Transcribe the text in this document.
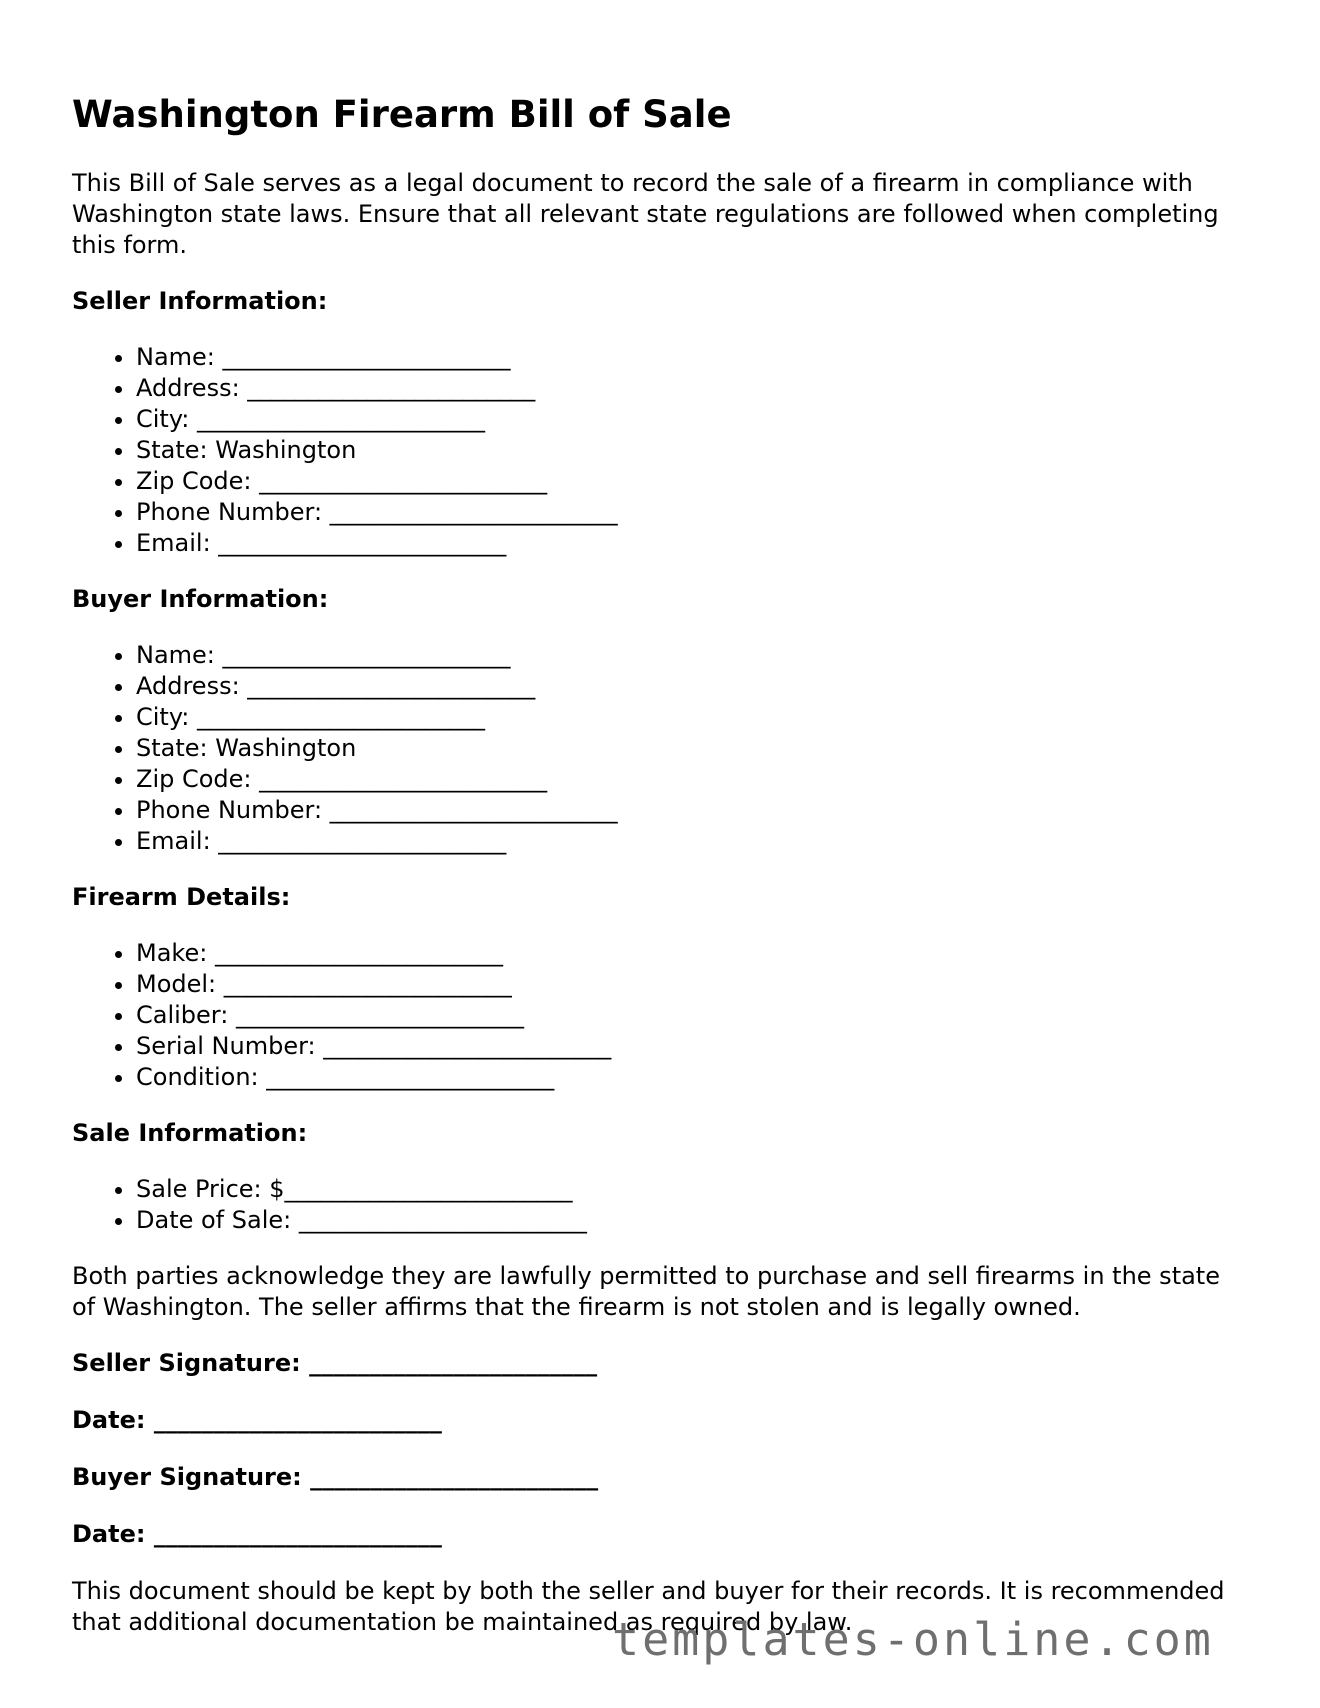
Washington Firearm Bill of Sale

This Bill of Sale serves as a legal document to record the sale of a firearm in compliance with Washington state laws. Ensure that all relevant state regulations are followed when completing this form.

Seller Information:
• Name: ________________________
• Address: ________________________
• City: ________________________
• State: Washington
• Zip Code: ________________________
• Phone Number: ________________________
• Email: ________________________
Buyer Information:
• Name: ________________________
• Address: ________________________
• City: ________________________
• State: Washington
• Zip Code: ________________________
• Phone Number: ________________________
• Email: ________________________
Firearm Details:
• Make: ________________________
• Model: ________________________
• Caliber: ________________________
• Serial Number: ________________________
• Condition: ________________________
Sale Information:
• Sale Price: $________________________
• Date of Sale: ________________________

Both parties acknowledge they are lawfully permitted to purchase and sell firearms in the state of Washington. The seller affirms that the firearm is not stolen and is legally owned.

Seller Signature: ________________________
Date: ________________________
Buyer Signature: ________________________
Date: ________________________

This document should be kept by both the seller and buyer for their records. It is recommended that additional documentation be maintained as required by law.

templates-online.com
